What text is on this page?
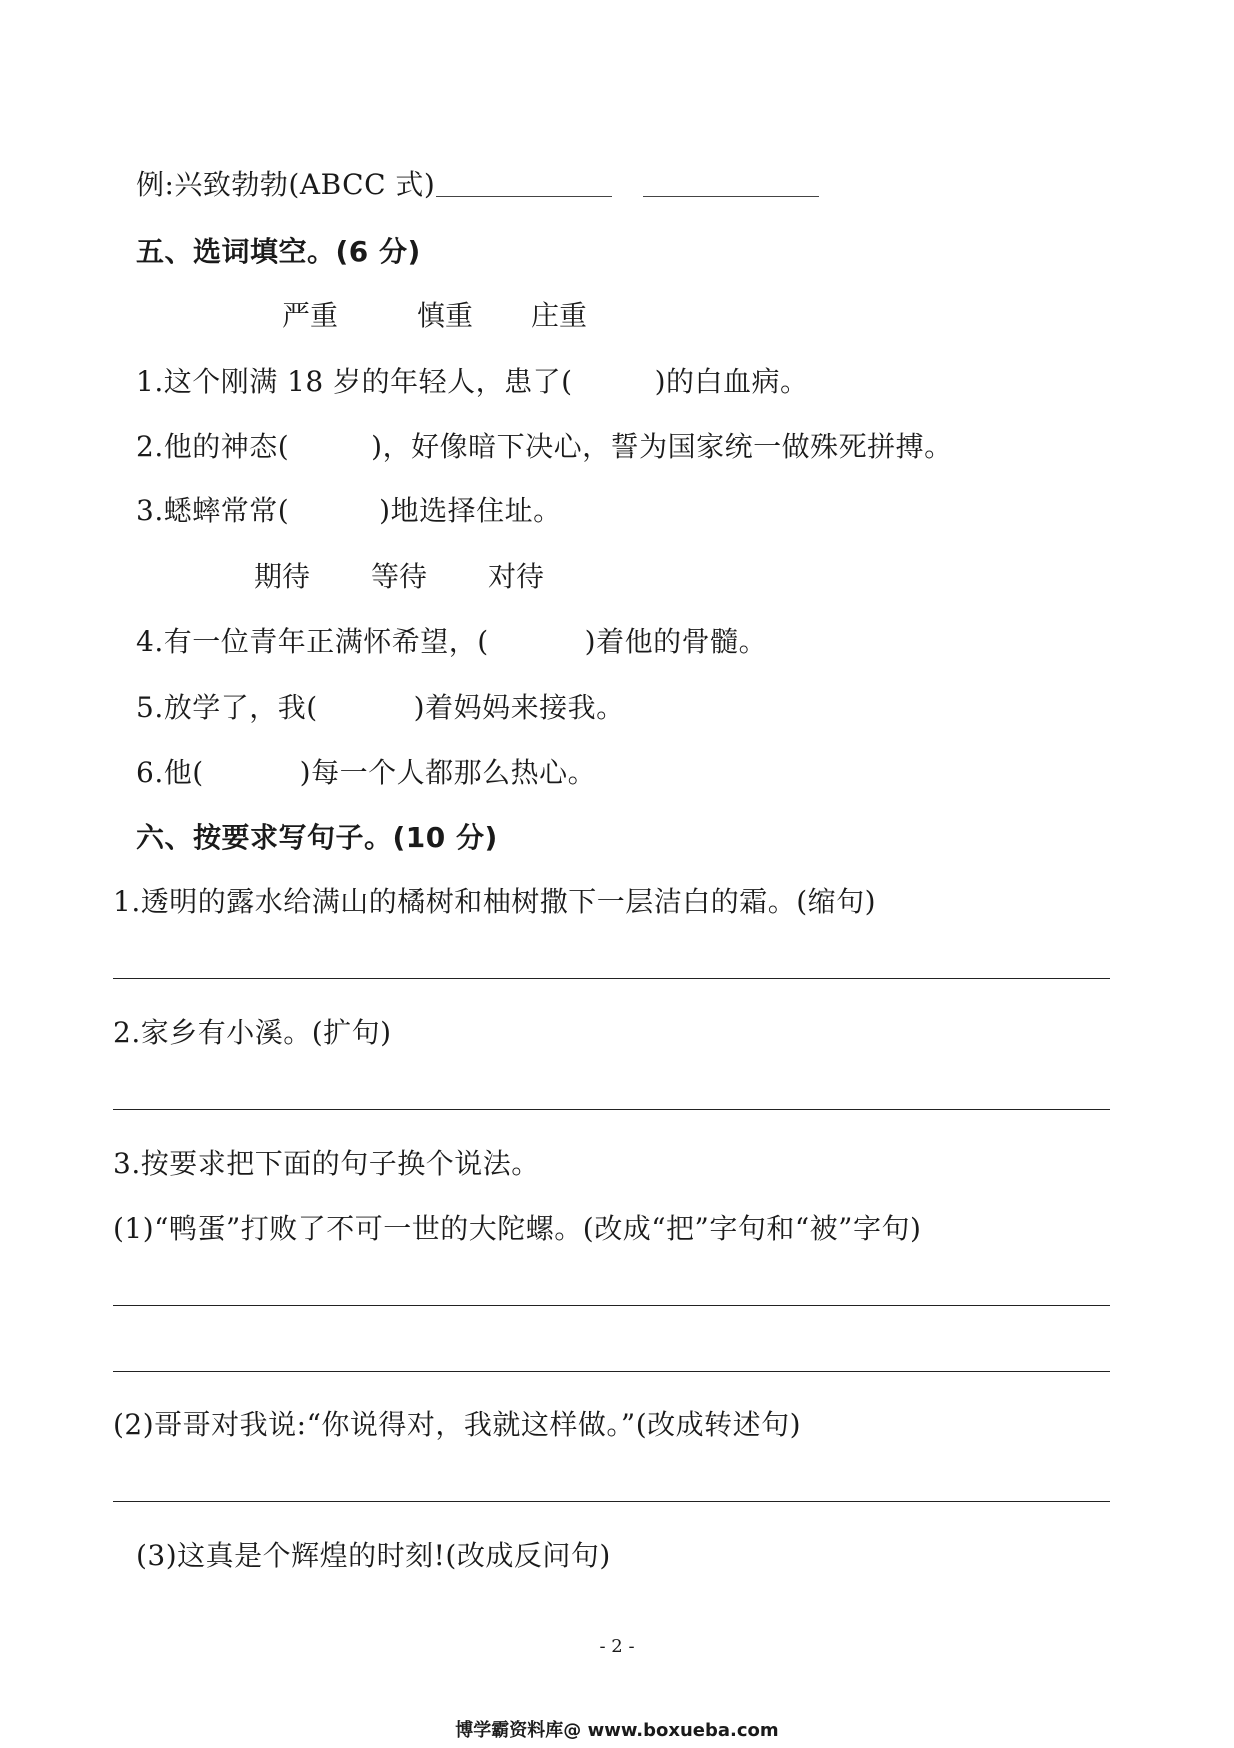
例:兴致勃勃(ABCC 式)
五、选词填空。(6 分)
严重	慎重 庄重
1.这个刚满 18 岁的年轻人，患了(	)的白血病。
2.他的神态(	)，好像暗下决心，誓为国家统一做殊死拼搏。
3.蟋蟀常常(	)地选择住址。
期待 等待 对待
4.有一位青年正满怀希望，(	)着他的骨髓。
5.放学了，我(	)着妈妈来接我。
6.他(	)每一个人都那么热心。
六、按要求写句子。(10 分)
1.透明的露水给满山的橘树和柚树撒下一层洁白的霜。(缩句)
2.家乡有小溪。(扩句)
3.按要求把下面的句子换个说法。
(1)“鸭蛋”打败了不可一世的大陀螺。(改成“把”字句和“被”字句)
(2)哥哥对我说:“你说得对，我就这样做。”(改成转述句)
(3)这真是个辉煌的时刻!(改成反问句)
- 2 -
博学霸资料库@ www.boxueba.com
